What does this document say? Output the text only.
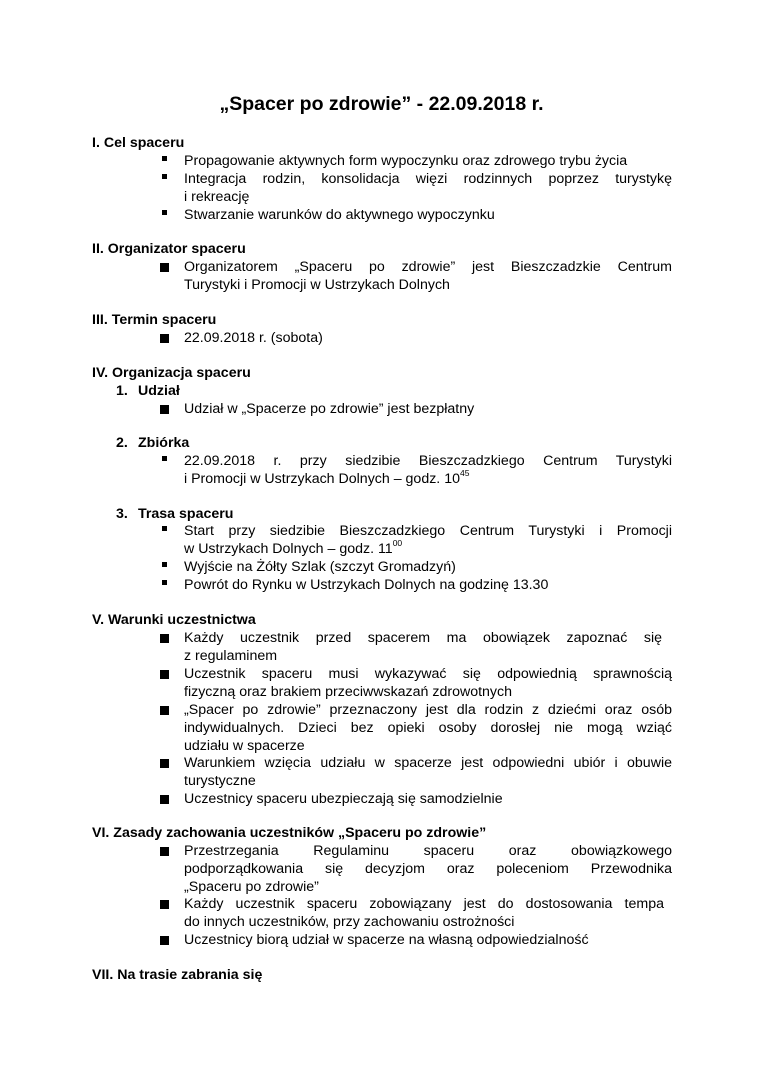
„Spacer po zdrowie” - 22.09.2018 r.
I. Cel spaceru
Propagowanie aktywnych form wypoczynku oraz zdrowego trybu życia
Integracja rodzin, konsolidacja więzi rodzinnych poprzez turystykę
i rekreację
Stwarzanie warunków do aktywnego wypoczynku
II. Organizator spaceru
Organizatorem „Spaceru po zdrowie” jest Bieszczadzkie Centrum
Turystyki i Promocji w Ustrzykach Dolnych
III. Termin spaceru
22.09.2018 r. (sobota)
IV. Organizacja spaceru
1. Udział
Udział w „Spacerze po zdrowie” jest bezpłatny
2. Zbiórka
22.09.2018 r. przy siedzibie Bieszczadzkiego Centrum Turystyki
i Promocji w Ustrzykach Dolnych – godz. $10^{45}$
3. Trasa spaceru
Start przy siedzibie Bieszczadzkiego Centrum Turystyki i Promocji
w Ustrzykach Dolnych – godz. $11^{00}$
Wyjście na Żółty Szlak (szczyt Gromadzyń)
Powrót do Rynku w Ustrzykach Dolnych na godzinę 13.30
V. Warunki uczestnictwa
Każdy uczestnik przed spacerem ma obowiązek zapoznać się
z regulaminem
Uczestnik spaceru musi wykazywać się odpowiednią sprawnością
fizyczną oraz brakiem przeciwwskazań zdrowotnych
„Spacer po zdrowie” przeznaczony jest dla rodzin z dziećmi oraz osób
indywidualnych. Dzieci bez opieki osoby dorosłej nie mogą wziąć
udziału w spacerze
Warunkiem wzięcia udziału w spacerze jest odpowiedni ubiór i obuwie
turystyczne
Uczestnicy spaceru ubezpieczają się samodzielnie
VI. Zasady zachowania uczestników „Spaceru po zdrowie”
Przestrzegania Regulaminu spaceru oraz obowiązkowego
podporządkowania się decyzjom oraz poleceniom Przewodnika
„Spaceru po zdrowie”
Każdy uczestnik spaceru zobowiązany jest do dostosowania tempa
do innych uczestników, przy zachowaniu ostrożności
Uczestnicy biorą udział w spacerze na własną odpowiedzialność
VII. Na trasie zabrania się
